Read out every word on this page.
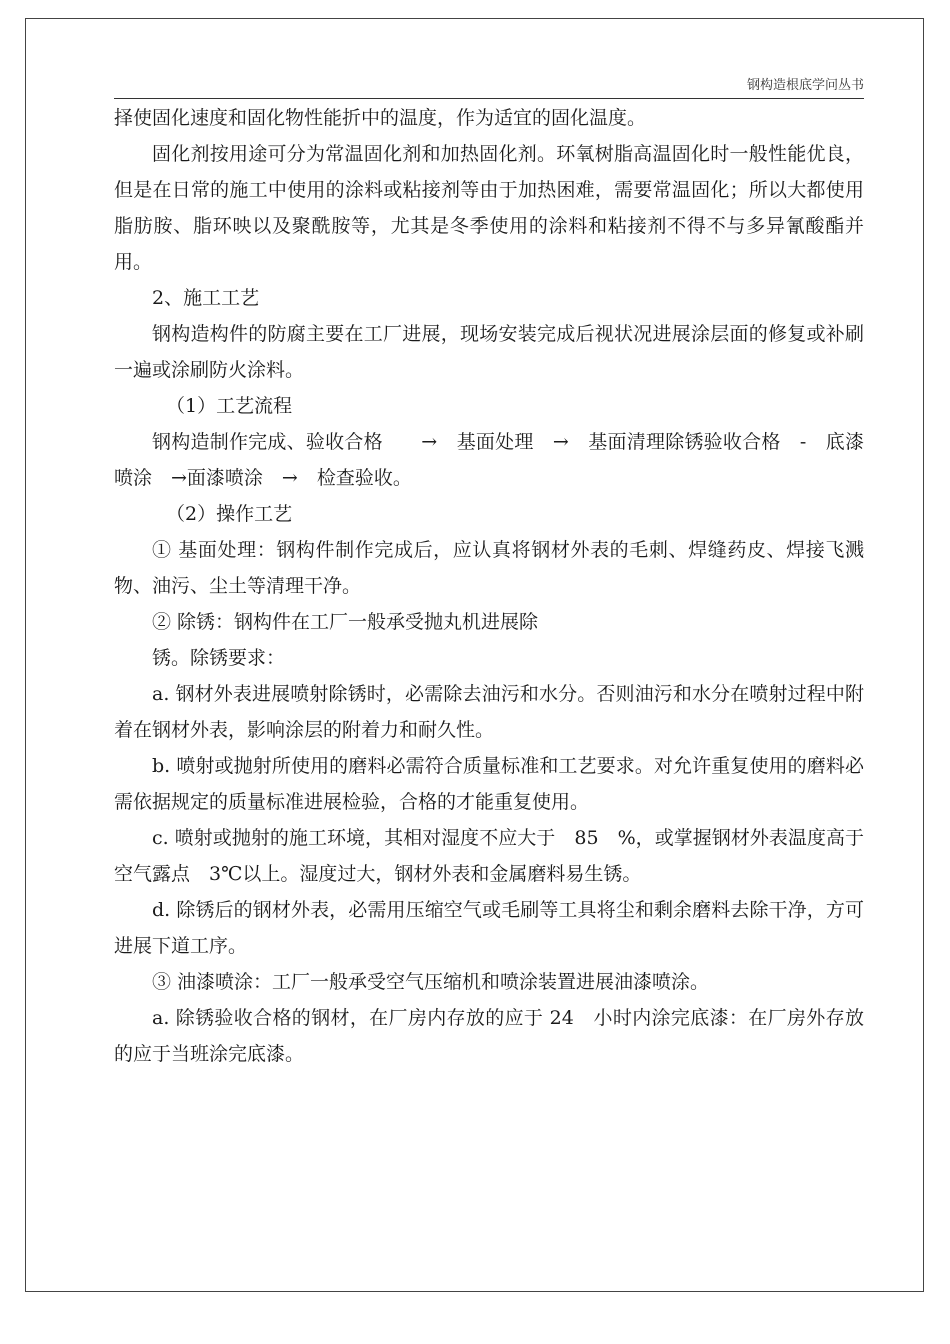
钢构造根底学问丛书

择使固化速度和固化物性能折中的温度，作为适宜的固化温度。

固化剂按用途可分为常温固化剂和加热固化剂。环氧树脂高温固化时一般性能优良，但是在日常的施工中使用的涂料或粘接剂等由于加热困难，需要常温固化；所以大都使用脂肪胺、脂环映以及聚酰胺等，尤其是冬季使用的涂料和粘接剂不得不与多异氰酸酯并用。

2、施工工艺

钢构造构件的防腐主要在工厂进展，现场安装完成后视状况进展涂层面的修复或补刷一遍或涂刷防火涂料。

（1）工艺流程

钢构造制作完成、验收合格　　→　基面处理　→　基面清理除锈验收合格　-　底漆喷涂　→面漆喷涂　→　检查验收。

（2）操作工艺

① 基面处理：钢构件制作完成后，应认真将钢材外表的毛刺、焊缝药皮、焊接飞溅物、油污、尘土等清理干净。

② 除锈：钢构件在工厂一般承受抛丸机进展除

锈。除锈要求：

a. 钢材外表进展喷射除锈时，必需除去油污和水分。否则油污和水分在喷射过程中附着在钢材外表，影响涂层的附着力和耐久性。

b. 喷射或抛射所使用的磨料必需符合质量标准和工艺要求。对允许重复使用的磨料必需依据规定的质量标准进展检验，合格的才能重复使用。

c. 喷射或抛射的施工环境，其相对湿度不应大于　85　%，或掌握钢材外表温度高于空气露点　3℃以上。湿度过大，钢材外表和金属磨料易生锈。

d. 除锈后的钢材外表，必需用压缩空气或毛刷等工具将尘和剩余磨料去除干净，方可进展下道工序。

③ 油漆喷涂：工厂一般承受空气压缩机和喷涂装置进展油漆喷涂。

a. 除锈验收合格的钢材，在厂房内存放的应于 24　小时内涂完底漆：在厂房外存放的应于当班涂完底漆。
